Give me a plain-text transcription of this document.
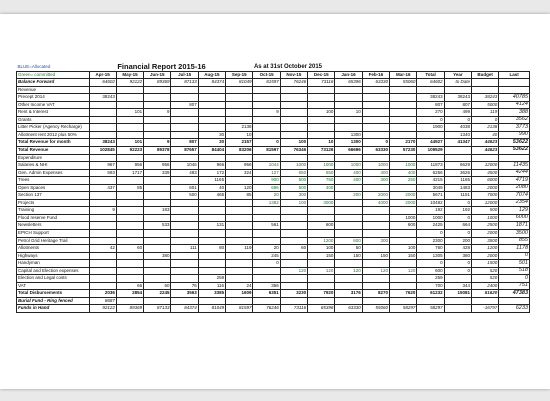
BLUE=Allocated		Financial Report 2015-16					As at 31st October 2015									
Green= committed	Apr-15	May-15	Jun-15	Jul-15	Aug-15	Sep-15	Oct-15	Nov-15	Dec-15	Jan-16	Feb-16	Mar-16	Total	Year	Budget	Last
Balance Forward	64602	92122	89369	87133	84374	81049	81597	76246	73116	65396	63330	55060	64602	to Date		
Revenue																
Precept 2014	38243												38243	38243	38243	40785
Other Income VAT				807									807	807	5000	4124
Rent & Interest		101	9				9		100	10			270	499	119	388
Grants													0	0	0	3562
Litter Picker (Agency Recharge)						2138							1900	4038	2138	3773
Allotment rent 2012 plus 50%					30	10				1300				1340	40	990
Total Revenue for month	38243	101	9	807	30	2157	0	100	10	1300	0	2170	44927	41347	44623	53622
Total Revenue	102845	92223	89378	87657	84404	83206	81597	76346	73126	66696	63330	57230	109529		44623	53622
Expenditure																
Salaries & NHI	967	956	956	1046	966	956	1044	1000	1000	1000	1000	1000	11873	6629	12000	11435
Gen. Admin Expenses	593	1717	339	483	172	324	127	650	650	400	400	400	6256	3626	4500	4244
Trees					1165		900	500	750	400	300	250	4215	1165	6000	4719
Open Spaces	437	85		601	40	120	696	500	400				3049	1483	2000	2080
Section 137				500	465	85	20	300		200	2000	2000	5671	1151	7000	7074
Projects							1382	100	3000		4000	2000	10482	0	12000	2354
Training	9		183										192	192	500	129
Flood reserve Fund												1000	1000	0	1000	6000
Newsletters			533		131		561		600			600	2425	664	2500	1871
EPICH Support													0	0	2000	3500
Petrol Grid Heritage Trail									1200	600	300		2300	200	3500	855
Allotments	42	60		111	80	119	20	60	100	50		100	760	428	1200	1178
Highways			380				245		150	150	150	150	1305	380	2000	0
Handyman							0						0	0	1500	501
Capital and Election expenses								120	120	120	120	120	600	0	520	518
Election and Legal costs					259								259		520	0
VAT		66	60	76	116	24	356						700	344	2400	751
Total Disbursements	2036	2854	2245	3563	3385	1609	6351	3230	7920	3176	8270	7620	61232	15081	51620	47383
Burial Fund - Ring fenced	8687															
Funds in Hand	92122	89369	87133	84374	81049	81597	76246	73116	65396	63330	55060	58297	58297		-16797	6233
